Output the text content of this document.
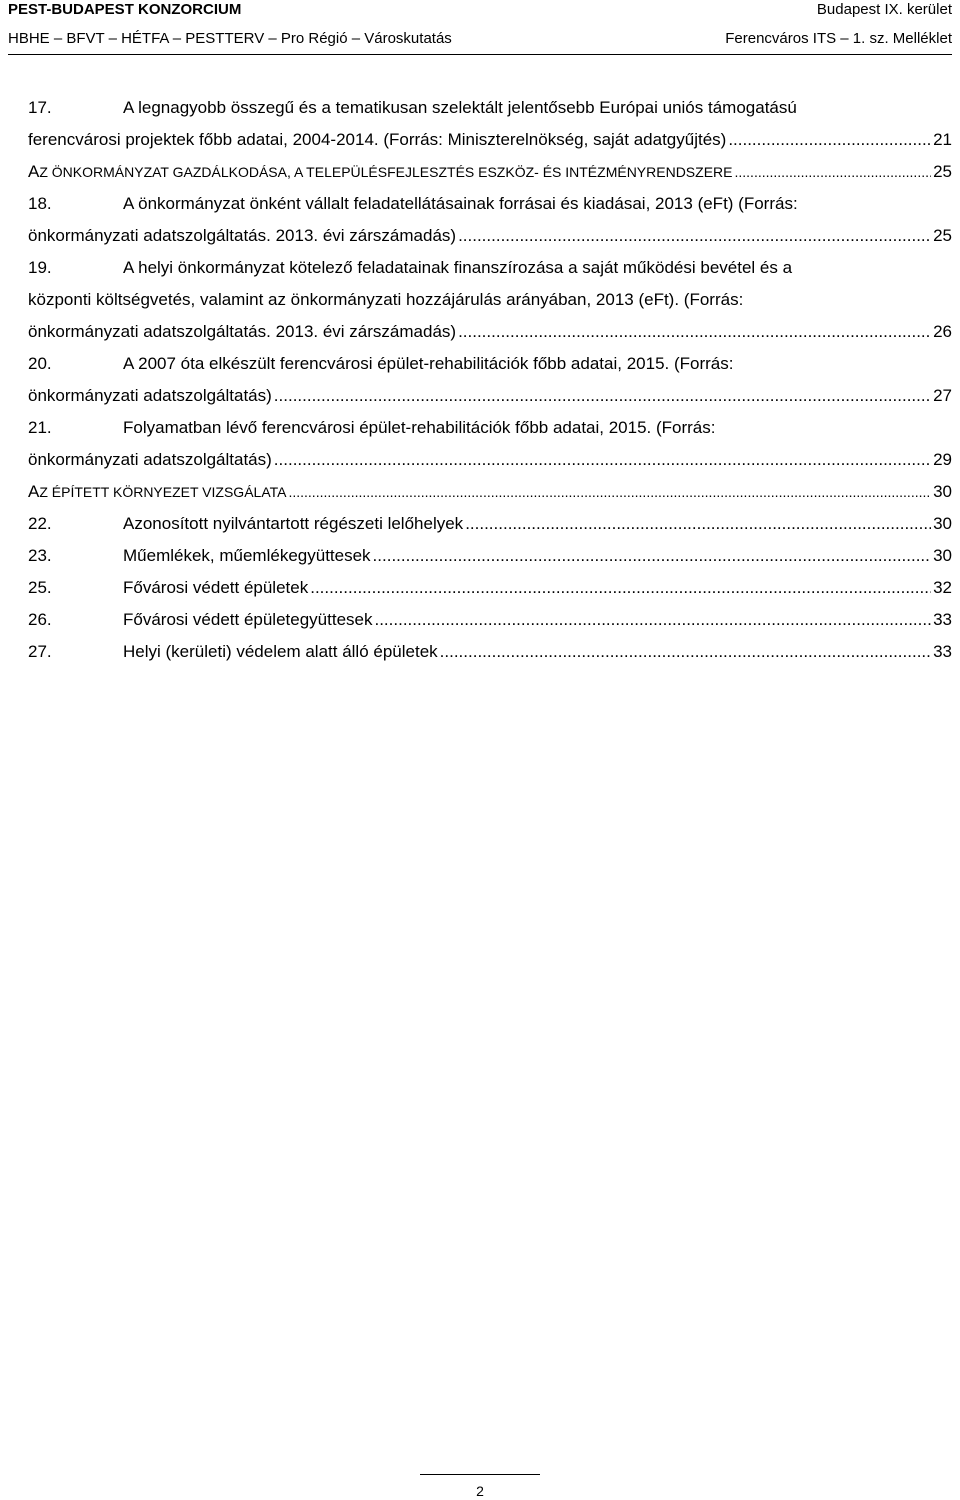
PEST-BUDAPEST KONZORCIUM	Budapest IX. kerület
HBHE – BFVT – HÉTFA – PESTTERV – Pro Régió – Városkutatás	Ferencváros ITS – 1. sz. Melléklet
17.	A legnagyobb összegű és a tematikusan szelektált jelentősebb Európai uniós támogatású
ferencvárosi projektek főbb adatai, 2004-2014. (Forrás: Miniszterelnökség, saját adatgyűjtés) .....	21
AZ ÖNKORMÁNYZAT GAZDÁLKODÁSA, A TELEPÜLÉSFEJLESZTÉS ESZKÖZ- ÉS INTÉZMÉNYRENDSZERE .....	25
18.	A önkormányzat önként vállalt feladatellátásainak forrásai és kiadásai, 2013 (eFt) (Forrás:
önkormányzati adatszolgáltatás. 2013. évi zárszámadás) .....	25
19.	A helyi önkormányzat kötelező feladatainak finanszírozása a saját működési bevétel és a
központi költségvetés, valamint az önkormányzati hozzájárulás arányában, 2013 (eFt). (Forrás:
önkormányzati adatszolgáltatás. 2013. évi zárszámadás) .....	26
20.	A 2007 óta elkészült ferencvárosi épület-rehabilitációk főbb adatai, 2015. (Forrás:
önkormányzati adatszolgáltatás) .....	27
21.	Folyamatban lévő ferencvárosi épület-rehabilitációk főbb adatai, 2015. (Forrás:
önkormányzati adatszolgáltatás) .....	29
AZ ÉPÍTETT KÖRNYEZET VIZSGÁLATA .....	30
22.	Azonosított nyilvántartott régészeti lelőhelyek .....	30
23.	Műemlékek, műemlékegyüttesek .....	30
25.	Fővárosi védett épületek .....	32
26.	Fővárosi védett épületegyüttesek .....	33
27.	Helyi (kerületi) védelem alatt álló épületek .....	33
2
